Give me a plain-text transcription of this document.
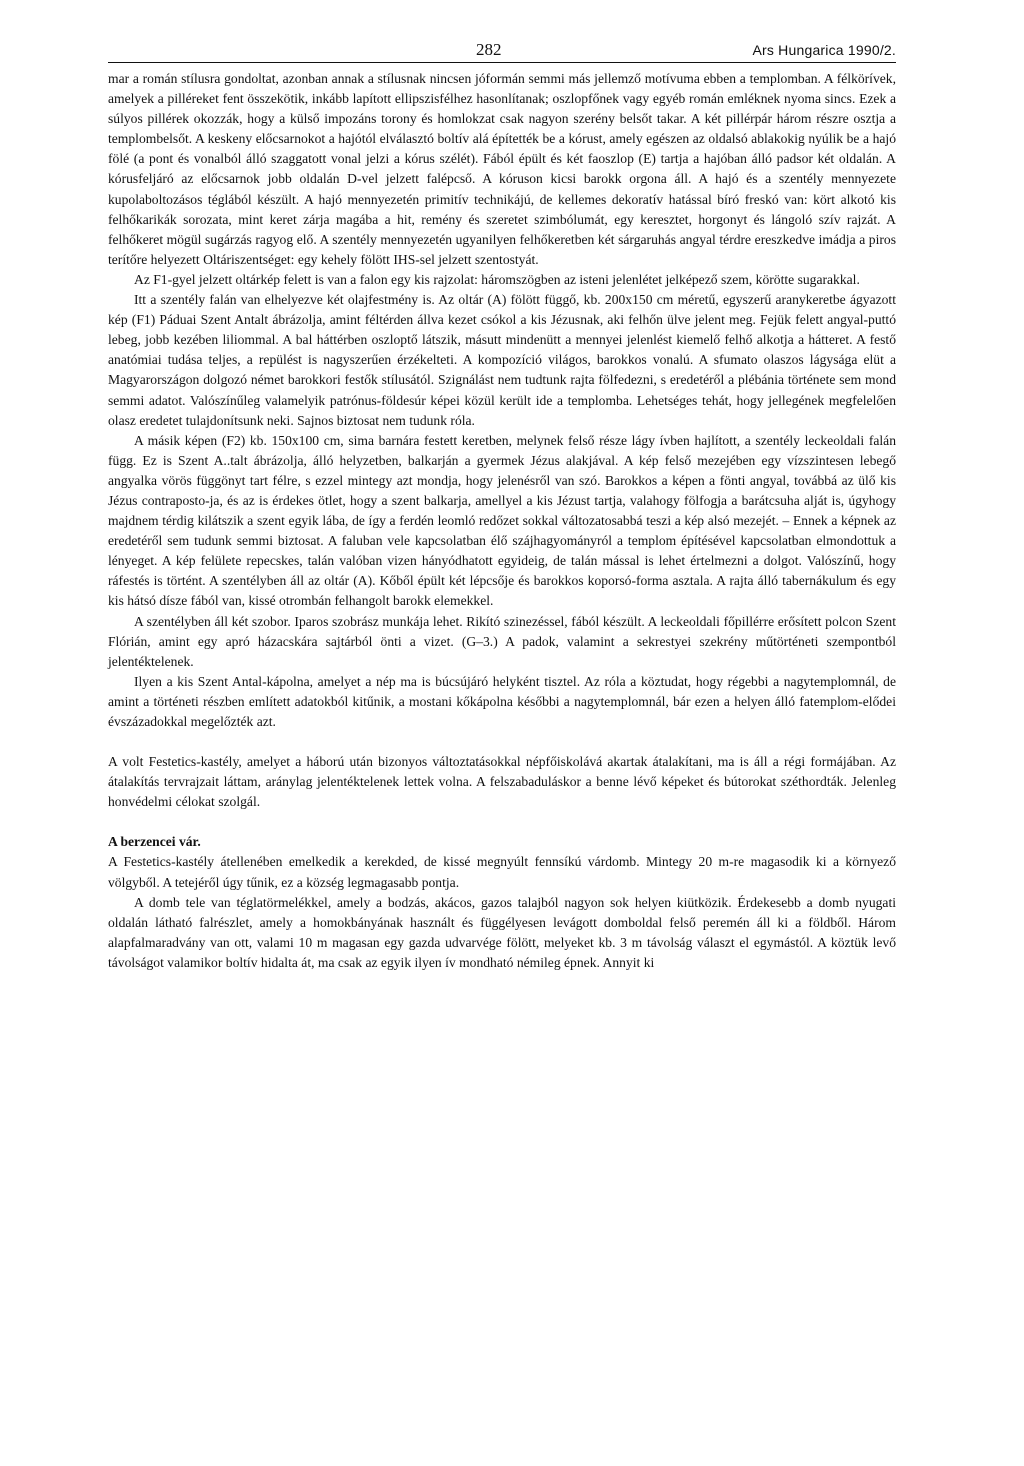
282	Ars Hungarica 1990/2.

mar a román stílusra gondoltat, azonban annak a stílusnak nincsen jóformán semmi más jellemző motívuma ebben a templomban. A félkörívek, amelyek a pilléreket fent összekötik, inkább lapított ellipszisfélhez hasonlítanak; oszlopfőnek vagy egyéb román emléknek nyoma sincs. Ezek a súlyos pillérek okozzák, hogy a külső impozáns torony és homlokzat csak nagyon szerény belsőt takar. A két pillérpár három részre osztja a templombelsőt. A keskeny előcsarnokot a hajótól elválasztó boltív alá építették be a kórust, amely egészen az oldalsó ablakokig nyúlik be a hajó fölé (a pont és vonalból álló szaggatott vonal jelzi a kórus szélét). Fából épült és két faoszlop (E) tartja a hajóban álló padsor két oldalán. A kórusfeljáró az előcsarnok jobb oldalán D-vel jelzett falépcső. A kóruson kicsi barokk orgona áll. A hajó és a szentély mennyezete kupolaboltozásos téglából készült. A hajó mennyezetén primitív technikájú, de kellemes dekoratív hatással bíró freskó van: kört alkotó kis felhőkarikák sorozata, mint keret zárja magába a hit, remény és szeretet szimbólumát, egy keresztet, horgonyt és lángoló szív rajzát. A felhőkeret mögül sugárzás ragyog elő. A szentély mennyezetén ugyanilyen felhőkeretben két sárgaruhás angyal térdre ereszkedve imádja a piros terítőre helyezett Oltáriszentséget: egy kehely fölött IHS-sel jelzett szentostyát.

Az F1-gyel jelzett oltárkép felett is van a falon egy kis rajzolat: háromszögben az isteni jelenlétet jelképező szem, körötte sugarakkal.

Itt a szentély falán van elhelyezve két olajfestmény is. Az oltár (A) fölött függő, kb. 200x150 cm méretű, egyszerű aranykeretbe ágyazott kép (F1) Páduai Szent Antalt ábrázolja, amint féltérden állva kezet csókol a kis Jézusnak, aki felhőn ülve jelent meg. Fejük felett angyal-puttó lebeg, jobb kezében liliommal. A bal háttérben oszloptő látszik, másutt mindenütt a mennyei jelenlést kiemelő felhő alkotja a hátteret. A festő anatómiai tudása teljes, a repülést is nagyszerűen érzékelteti. A kompozíció világos, barokkos vonalú. A sfumato olaszos lágysága elüt a Magyarországon dolgozó német barokkori festők stílusától. Szignálást nem tudtunk rajta fölfedezni, s eredetéről a plébánia története sem mond semmi adatot. Valószínűleg valamelyik patrónus-földesúr képei közül került ide a templomba. Lehetséges tehát, hogy jellegének megfelelően olasz eredetet tulajdonítsunk neki. Sajnos biztosat nem tudunk róla.

A másik képen (F2) kb. 150x100 cm, sima barnára festett keretben, melynek felső része lágy ívben hajlított, a szentély leckeoldali falán függ. Ez is Szent A..talt ábrázolja, álló helyzetben, balkarján a gyermek Jézus alakjával. A kép felső mezejében egy vízszintesen lebegő angyalka vörös függönyt tart félre, s ezzel mintegy azt mondja, hogy jelenésről van szó. Barokkos a képen a fönti angyal, továbbá az ülő kis Jézus contraposto-ja, és az is érdekes ötlet, hogy a szent balkarja, amellyel a kis Jézust tartja, valahogy fölfogja a barátcsuha alját is, úgyhogy majdnem térdig kilátszik a szent egyik lába, de így a ferdén leomló redőzet sokkal változatosabbá teszi a kép alsó mezejét. – Ennek a képnek az eredetéről sem tudunk semmi biztosat. A faluban vele kapcsolatban élő szájhagyományról a templom építésével kapcsolatban elmondottuk a lényeget. A kép felülete repecskes, talán valóban vizen hányódhatott egyideig, de talán mással is lehet értelmezni a dolgot. Valószínű, hogy ráfestés is történt. A szentélyben áll az oltár (A). Kőből épült két lépcsője és barokkos koporsó-forma asztala. A rajta álló tabernákulum és egy kis hátsó dísze fából van, kissé otrombán felhangolt barokk elemekkel.

A szentélyben áll két szobor. Iparos szobrász munkája lehet. Rikító szinezéssel, fából készült. A leckeoldali főpillérre erősített polcon Szent Flórián, amint egy apró házacskára sajtárból önti a vizet. (G–3.) A padok, valamint a sekrestyei szekrény műtörténeti szempontból jelentéktelenek.

Ilyen a kis Szent Antal-kápolna, amelyet a nép ma is búcsújáró helyként tisztel. Az róla a köztudat, hogy régebbi a nagytemplomnál, de amint a történeti részben említett adatokból kitűnik, a mostani kőkápolna későbbi a nagytemplomnál, bár ezen a helyen álló fatemplom-elődei évszázadokkal megelőzték azt.

A volt Festetics-kastély, amelyet a háború után bizonyos változtatásokkal népfőiskolává akartak átalakítani, ma is áll a régi formájában. Az átalakítás tervrajzait láttam, aránylag jelentéktelenek lettek volna. A felszabaduláskor a benne lévő képeket és bútorokat széthordták. Jelenleg honvédelmi célokat szolgál.

A berzencei vár.

A Festetics-kastély átellenében emelkedik a kerekded, de kissé megnyúlt fennsíkú várdomb. Mintegy 20 m-re magasodik ki a környező völgyből. A tetejéről úgy tűnik, ez a község legmagasabb pontja.

A domb tele van téglatörmelékkel, amely a bodzás, akácos, gazos talajból nagyon sok helyen kiütközik. Érdekesebb a domb nyugati oldalán látható falrészlet, amely a homokbányának használt és függélyesen levágott domboldal felső peremén áll ki a földből. Három alapfalmaradvány van ott, valami 10 m magasan egy gazda udvarvége fölött, melyeket kb. 3 m távolság választ el egymástól. A köztük levő távolságot valamikor boltív hidalta át, ma csak az egyik ilyen ív mondható némileg épnek. Annyit ki
